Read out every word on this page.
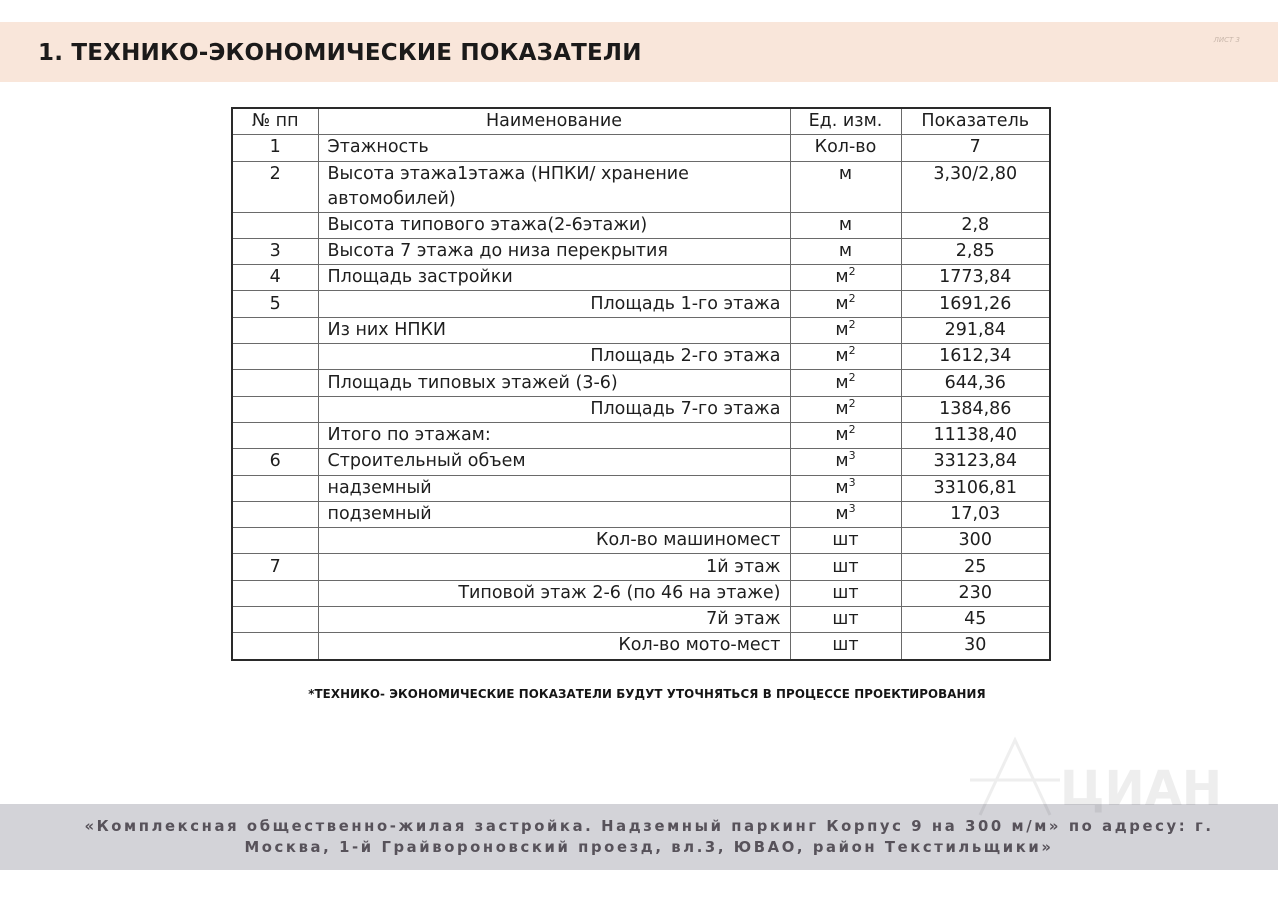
1. ТЕХНИКО-ЭКОНОМИЧЕСКИЕ ПОКАЗАТЕЛИ	ЛИСТ 3
№ пп	Наименование	Ед. изм.	Показатель
1	Этажность	Кол-во	7
2	Высота этажа1этажа (НПКИ/ хранение автомобилей)	м	3,30/2,80
	Высота типового этажа(2-6этажи)	м	2,8
3	Высота 7 этажа до низа перекрытия	м	2,85
4	Площадь застройки	$м^2$	1773,84
5	Площадь 1-го этажа	$м^2$	1691,26
	Из них НПКИ	$м^2$	291,84
	Площадь 2-го этажа	$м^2$	1612,34
	Площадь типовых этажей (3-6)	$м^2$	644,36
	Площадь 7-го этажа	$м^2$	1384,86
	Итого по этажам:	$м^2$	11138,40
6	Строительный объем	$м^3$	33123,84
	надземный	$м^3$	33106,81
	подземный	$м^3$	17,03
	Кол-во машиномест	шт	300
7	1й этаж	шт	25
	Типовой этаж 2-6 (по 46 на этаже)	шт	230
	7й этаж	шт	45
	Кол-во мото-мест	шт	30
*ТЕХНИКО- ЭКОНОМИЧЕСКИЕ ПОКАЗАТЕЛИ БУДУТ УТОЧНЯТЬСЯ В ПРОЦЕССЕ ПРОЕКТИРОВАНИЯ
«Комплексная общественно-жилая застройка. Надземный паркинг Корпус 9 на 300 м/м» по адресу: г.
Москва, 1-й Грайвороновский проезд, вл.3, ЮВАО, район Текстильщики»
ЦИАН
